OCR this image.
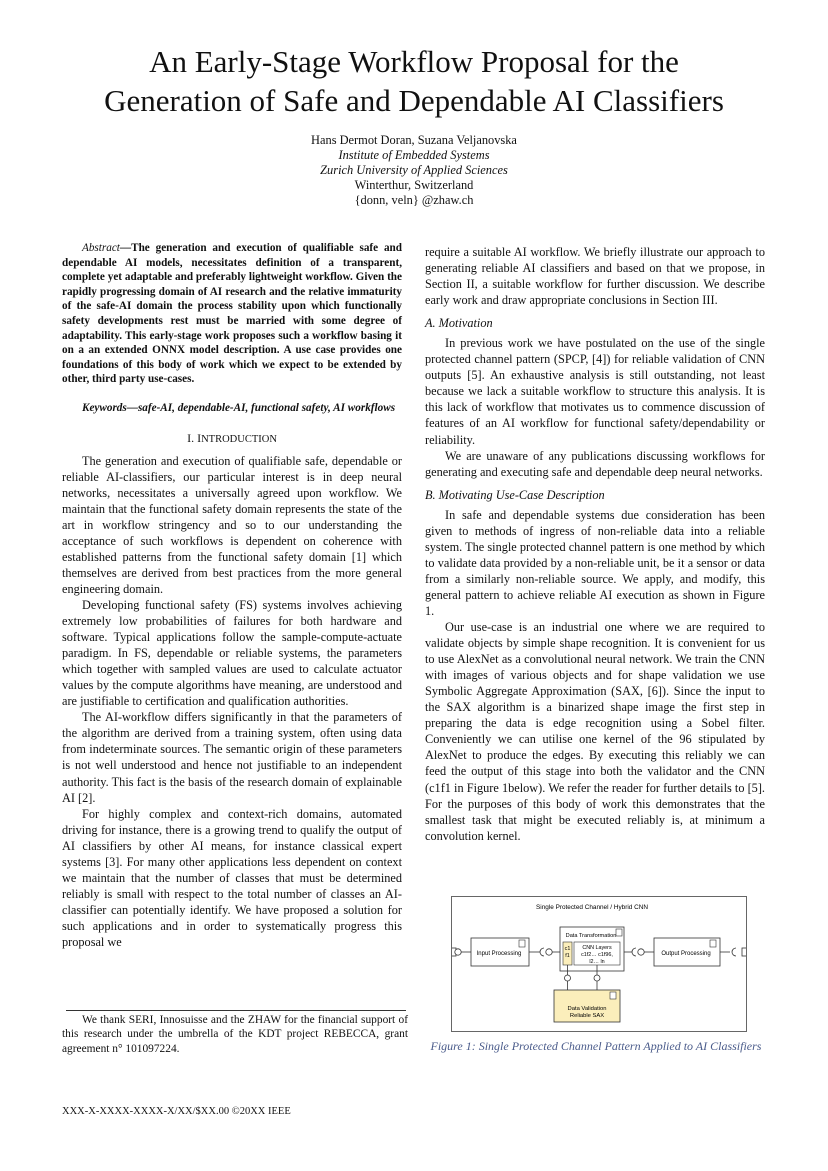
An Early-Stage Workflow Proposal for the
Generation of Safe and Dependable AI Classifiers
Hans Dermot Doran, Suzana Veljanovska
Institute of Embedded Systems
Zurich University of Applied Sciences
Winterthur, Switzerland
{donn, veln} @zhaw.ch

Abstract—The generation and execution of qualifiable safe and dependable AI models, necessitates definition of a transparent, complete yet adaptable and preferably lightweight workflow. Given the rapidly progressing domain of AI research and the relative immaturity of the safe-AI domain the process stability upon which functionally safety developments rest must be married with some degree of adaptability. This early-stage work proposes such a workflow basing it on a an extended ONNX model description. A use case provides one foundations of this body of work which we expect to be extended by other, third party use-cases.

Keywords—safe-AI, dependable-AI, functional safety, AI workflows

I. INTRODUCTION

The generation and execution of qualifiable safe, dependable or reliable AI-classifiers, our particular interest is in deep neural networks, necessitates a universally agreed upon workflow. We maintain that the functional safety domain represents the state of the art in workflow stringency and so to our understanding the acceptance of such workflows is dependent on coherence with established patterns from the functional safety domain [1] which themselves are derived from best practices from the more general engineering domain.

Developing functional safety (FS) systems involves achieving extremely low probabilities of failures for both hardware and software. Typical applications follow the sample-compute-actuate paradigm. In FS, dependable or reliable systems, the parameters which together with sampled values are used to calculate actuator values by the compute algorithms have meaning, are understood and are justifiable to certification and qualification authorities.

The AI-workflow differs significantly in that the parameters of the algorithm are derived from a training system, often using data from indeterminate sources. The semantic origin of these parameters is not well understood and hence not justifiable to an independent authority. This fact is the basis of the research domain of explainable AI [2].

For highly complex and context-rich domains, automated driving for instance, there is a growing trend to qualify the output of AI classifiers by other AI means, for instance classical expert systems [3]. For many other applications less dependent on context we maintain that the number of classes that must be determined reliably is small with respect to the total number of classes an AI-classifier can potentially identify. We have proposed a solution for such applications and in order to systematically progress this proposal we

require a suitable AI workflow. We briefly illustrate our approach to generating reliable AI classifiers and based on that we propose, in Section II, a suitable workflow for further discussion. We describe early work and draw appropriate conclusions in Section III.

A. Motivation

In previous work we have postulated on the use of the single protected channel pattern (SPCP, [4]) for reliable validation of CNN outputs [5]. An exhaustive analysis is still outstanding, not least because we lack a suitable workflow to structure this analysis. It is this lack of workflow that motivates us to commence discussion of features of an AI workflow for functional safety/dependability or reliability.

We are unaware of any publications discussing workflows for generating and executing safe and dependable deep neural networks.

B. Motivating Use-Case Description

In safe and dependable systems due consideration has been given to methods of ingress of non-reliable data into a reliable system. The single protected channel pattern is one method by which to validate data provided by a non-reliable unit, be it a sensor or data from a similarly non-reliable source. We apply, and modify, this general pattern to achieve reliable AI execution as shown in Figure 1.

Our use-case is an industrial one where we are required to validate objects by simple shape recognition. It is convenient for us to use AlexNet as a convolutional neural network. We train the CNN with images of various objects and for shape validation we use Symbolic Aggregate Approximation (SAX, [6]). Since the input to the SAX algorithm is a binarized shape image the first step in preparing the data is edge recognition using a Sobel filter. Conveniently we can utilise one kernel of the 96 stipulated by AlexNet to produce the edges. By executing this reliably we can feed the output of this stage into both the validator and the CNN (c1f1 in Figure 1below). We refer the reader for further details to [5]. For the purposes of this body of work this demonstrates that the smallest task that might be executed reliably is, at minimum a convolution kernel.

Single Protected Channel / Hybrid CNN
Input Processing
Data Transformation
c1
f1
CNN Layers
c1f2… c1f96,
l2… ln
Output Processing
Data Validation
Reliable SAX
Figure 1: Single Protected Channel Pattern Applied to AI Classifiers
We thank SERI, Innosuisse and the ZHAW for the financial support of this research under the umbrella of the KDT project REBECCA, grant agreement n° 101097224.
XXX-X-XXXX-XXXX-X/XX/$XX.00 ©20XX IEEE
